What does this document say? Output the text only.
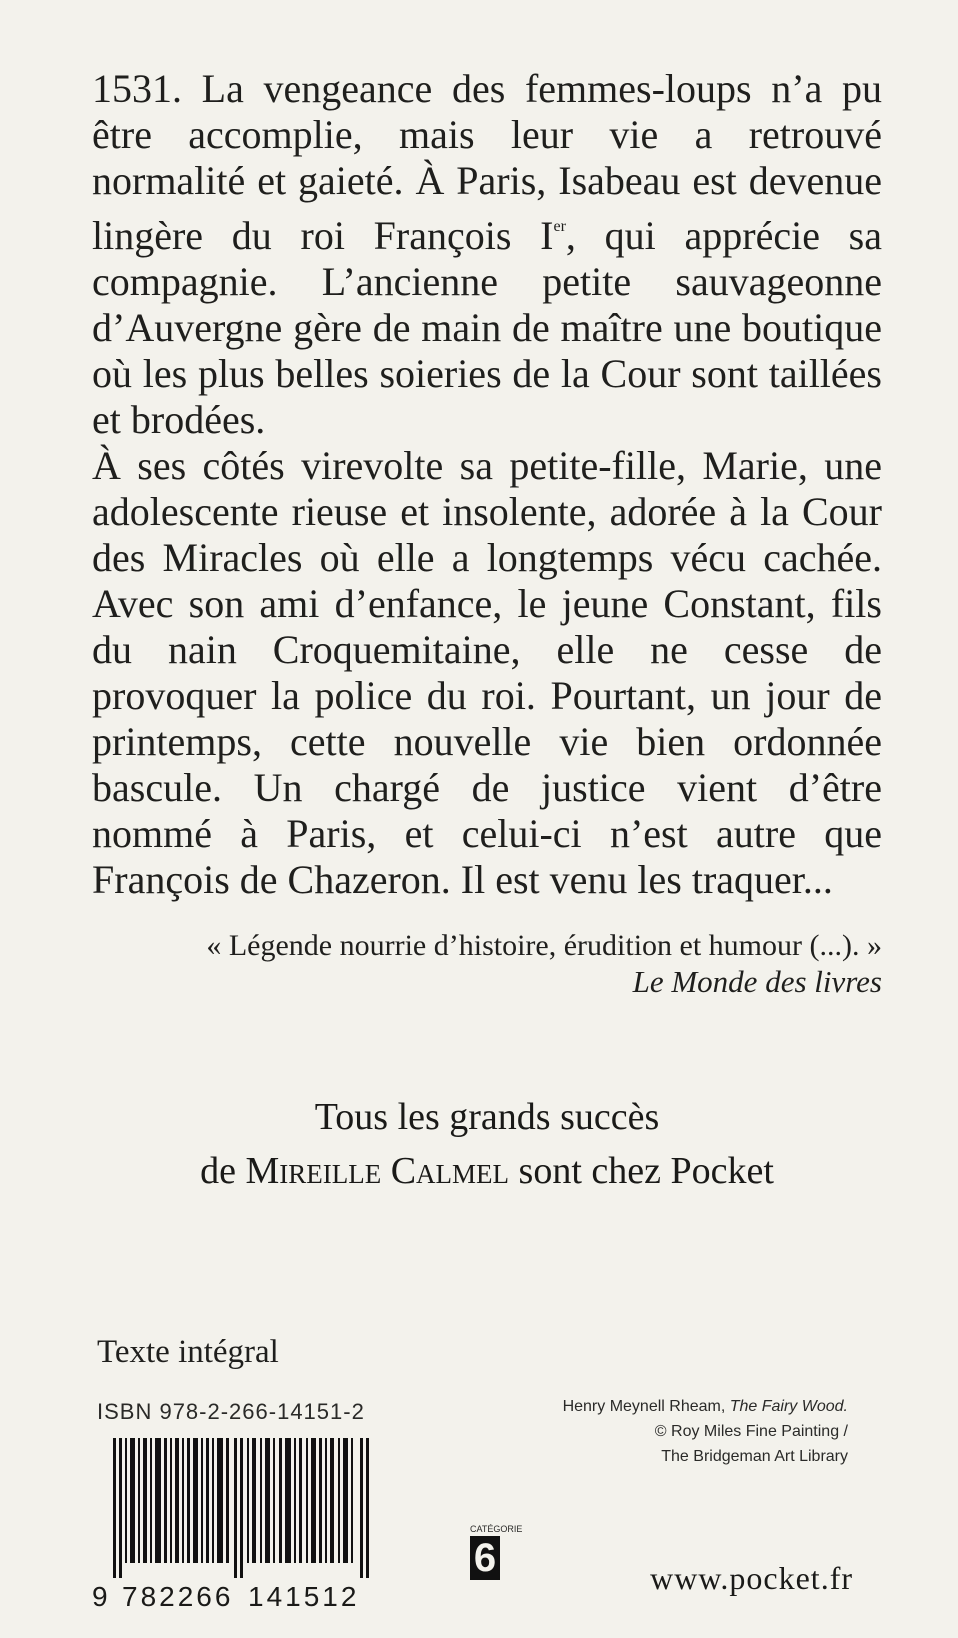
1531. La vengeance des femmes-loups n’a pu être accomplie, mais leur vie a retrouvé normalité et gaieté. À Paris, Isabeau est devenue lingère du roi François Ier, qui apprécie sa compagnie. L’ancienne petite sauvageonne d’Auvergne gère de main de maître une boutique où les plus belles soieries de la Cour sont taillées et brodées.

À ses côtés virevolte sa petite-fille, Marie, une adolescente rieuse et insolente, adorée à la Cour des Miracles où elle a longtemps vécu cachée. Avec son ami d’enfance, le jeune Constant, fils du nain Croquemitaine, elle ne cesse de provoquer la police du roi. Pourtant, un jour de printemps, cette nouvelle vie bien ordonnée bascule. Un chargé de justice vient d’être nommé à Paris, et celui-ci n’est autre que François de Chazeron. Il est venu les traquer...

« Légende nourrie d’histoire, érudition et humour (...). »
Le Monde des livres
Tous les grands succès
de Mireille Calmel sont chez Pocket
Texte intégral
ISBN 978-2-266-14151-2
9 782266 141512
CATÉGORIE
6
Henry Meynell Rheam, The Fairy Wood.
© Roy Miles Fine Painting /
The Bridgeman Art Library
www.pocket.fr
